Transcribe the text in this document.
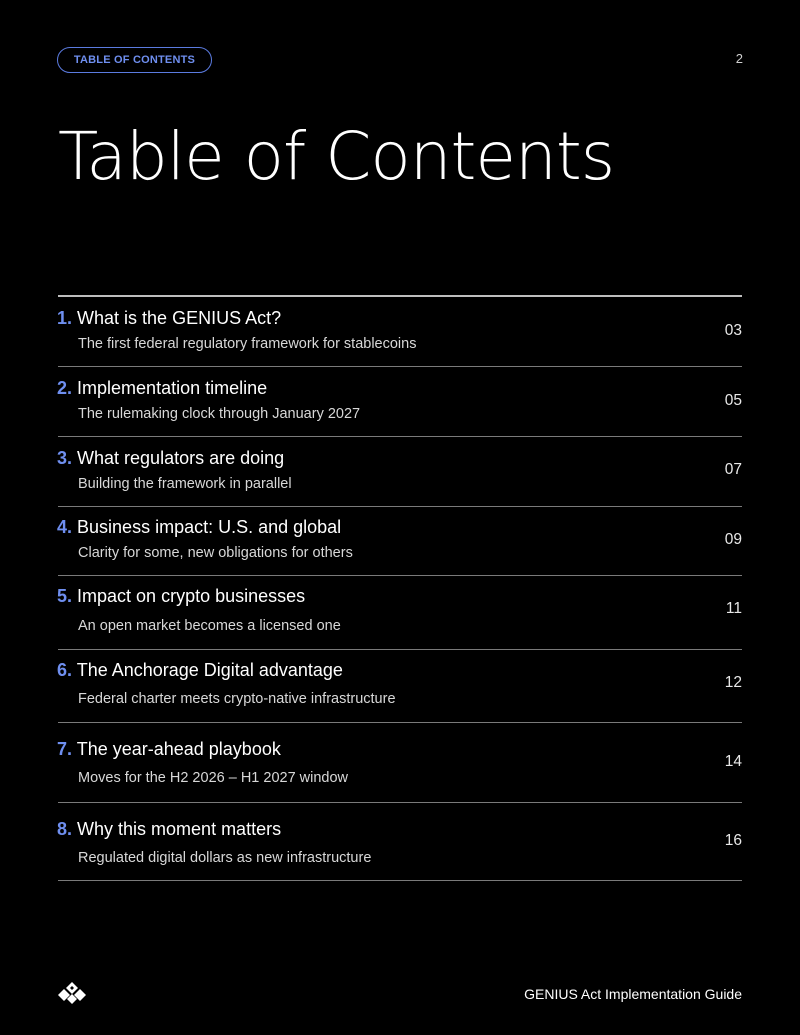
TABLE OF CONTENTS	2
Table of Contents
1. What is the GENIUS Act?
The first federal regulatory framework for stablecoins
03
2. Implementation timeline
The rulemaking clock through January 2027
05
3. What regulators are doing
Building the framework in parallel
07
4. Business impact: U.S. and global
Clarity for some, new obligations for others
09
5. Impact on crypto businesses
An open market becomes a licensed one
11
6. The Anchorage Digital advantage
Federal charter meets crypto-native infrastructure
12
7. The year-ahead playbook
Moves for the H2 2026 – H1 2027 window
14
8. Why this moment matters
Regulated digital dollars as new infrastructure
16
GENIUS Act Implementation Guide
